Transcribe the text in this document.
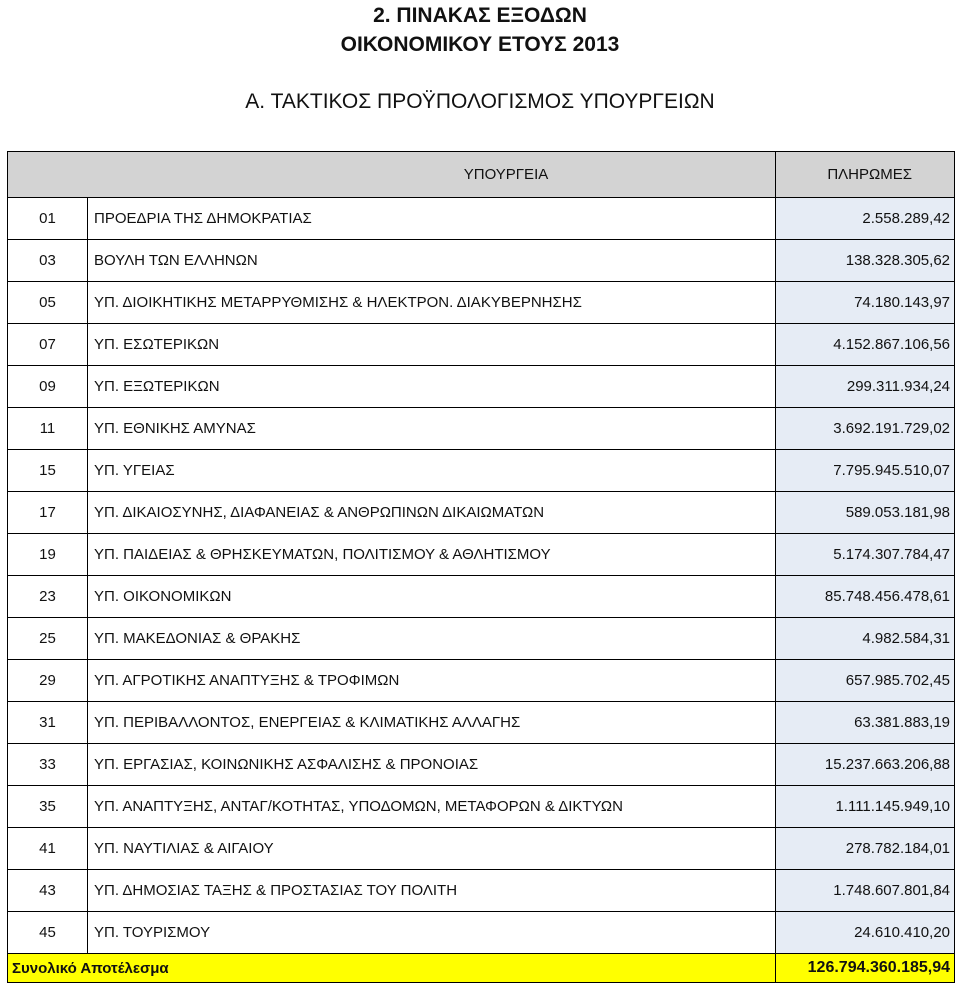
2. ΠΙΝΑΚΑΣ ΕΞΟΔΩΝ
ΟΙΚΟΝΟΜΙΚΟΥ ΕΤΟΥΣ 2013
Α. ΤΑΚΤΙΚΟΣ ΠΡΟΫΠΟΛΟΓΙΣΜΟΣ ΥΠΟΥΡΓΕΙΩΝ
ΥΠΟΥΡΓΕΙΑ		ΠΛΗΡΩΜΕΣ
01	ΠΡΟΕΔΡΙΑ ΤΗΣ ΔΗΜΟΚΡΑΤΙΑΣ	2.558.289,42
03	ΒΟΥΛΗ ΤΩΝ ΕΛΛΗΝΩΝ	138.328.305,62
05	ΥΠ. ΔΙΟΙΚΗΤΙΚΗΣ ΜΕΤΑΡΡΥΘΜΙΣΗΣ & ΗΛΕΚΤΡΟΝ. ΔΙΑΚΥΒΕΡΝΗΣΗΣ	74.180.143,97
07	ΥΠ. ΕΣΩΤΕΡΙΚΩΝ	4.152.867.106,56
09	ΥΠ. ΕΞΩΤΕΡΙΚΩΝ	299.311.934,24
11	ΥΠ. ΕΘΝΙΚΗΣ ΑΜΥΝΑΣ	3.692.191.729,02
15	ΥΠ. ΥΓΕΙΑΣ	7.795.945.510,07
17	ΥΠ. ΔΙΚΑΙΟΣΥΝΗΣ, ΔΙΑΦΑΝΕΙΑΣ & ΑΝΘΡΩΠΙΝΩΝ ΔΙΚΑΙΩΜΑΤΩΝ	589.053.181,98
19	ΥΠ. ΠΑΙΔΕΙΑΣ & ΘΡΗΣΚΕΥΜΑΤΩΝ, ΠΟΛΙΤΙΣΜΟΥ & ΑΘΛΗΤΙΣΜΟΥ	5.174.307.784,47
23	ΥΠ. ΟΙΚΟΝΟΜΙΚΩΝ	85.748.456.478,61
25	ΥΠ. ΜΑΚΕΔΟΝΙΑΣ & ΘΡΑΚΗΣ	4.982.584,31
29	ΥΠ. ΑΓΡΟΤΙΚΗΣ ΑΝΑΠΤΥΞΗΣ & ΤΡΟΦΙΜΩΝ	657.985.702,45
31	ΥΠ. ΠΕΡΙΒΑΛΛΟΝΤΟΣ, ΕΝΕΡΓΕΙΑΣ & ΚΛΙΜΑΤΙΚΗΣ ΑΛΛΑΓΗΣ	63.381.883,19
33	ΥΠ. ΕΡΓΑΣΙΑΣ, ΚΟΙΝΩΝΙΚΗΣ ΑΣΦΑΛΙΣΗΣ & ΠΡΟΝΟΙΑΣ	15.237.663.206,88
35	ΥΠ. ΑΝΑΠΤΥΞΗΣ, ΑΝΤΑΓ/ΚΟΤΗΤΑΣ, ΥΠΟΔΟΜΩΝ, ΜΕΤΑΦΟΡΩΝ & ΔΙΚΤΥΩΝ	1.111.145.949,10
41	ΥΠ. ΝΑΥΤΙΛΙΑΣ & ΑΙΓΑΙΟΥ	278.782.184,01
43	ΥΠ. ΔΗΜΟΣΙΑΣ ΤΑΞΗΣ & ΠΡΟΣΤΑΣΙΑΣ ΤΟΥ ΠΟΛΙΤΗ	1.748.607.801,84
45	ΥΠ. ΤΟΥΡΙΣΜΟΥ	24.610.410,20
Συνολικό Αποτέλεσμα		126.794.360.185,94
